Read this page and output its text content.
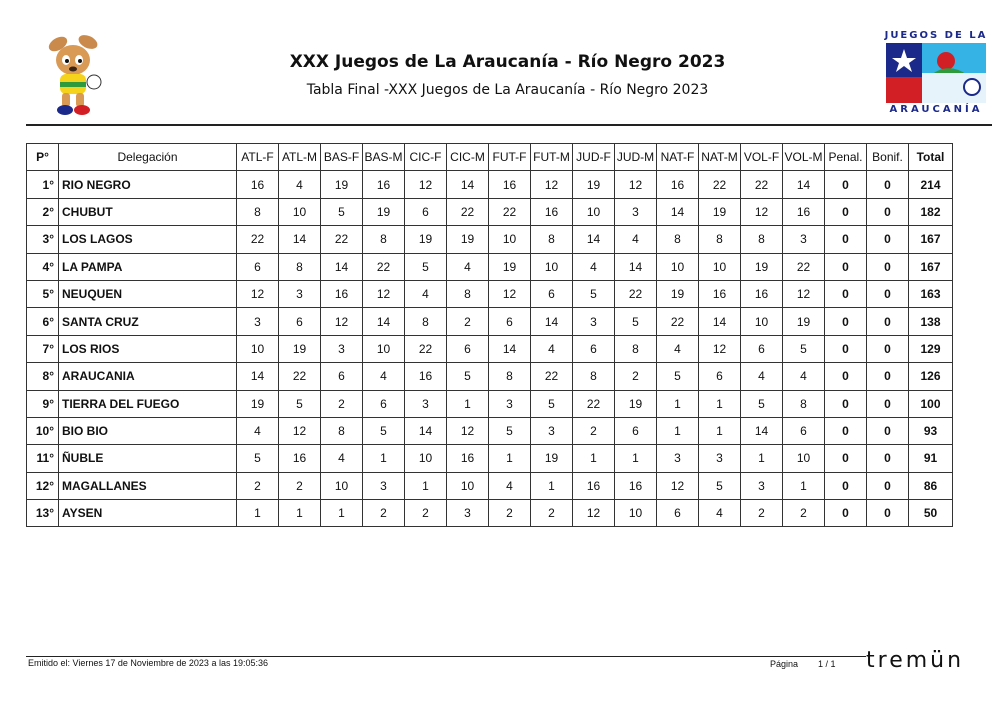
XXX Juegos de La Araucanía - Río Negro 2023
Tabla Final -XXX Juegos de La Araucanía - Río Negro 2023
JUEGOS DE LA
ARAUCANÍA
P°	Delegación	ATL-F	ATL-M	BAS-F	BAS-M	CIC-F	CIC-M	FUT-F	FUT-M	JUD-F	JUD-M	NAT-F	NAT-M	VOL-F	VOL-M	Penal.	Bonif.	Total
1°	RIO NEGRO	16	4	19	16	12	14	16	12	19	12	16	22	22	14	0	0	214
2°	CHUBUT	8	10	5	19	6	22	22	16	10	3	14	19	12	16	0	0	182
3°	LOS LAGOS	22	14	22	8	19	19	10	8	14	4	8	8	8	3	0	0	167
4°	LA PAMPA	6	8	14	22	5	4	19	10	4	14	10	10	19	22	0	0	167
5°	NEUQUEN	12	3	16	12	4	8	12	6	5	22	19	16	16	12	0	0	163
6°	SANTA CRUZ	3	6	12	14	8	2	6	14	3	5	22	14	10	19	0	0	138
7°	LOS RIOS	10	19	3	10	22	6	14	4	6	8	4	12	6	5	0	0	129
8°	ARAUCANIA	14	22	6	4	16	5	8	22	8	2	5	6	4	4	0	0	126
9°	TIERRA DEL FUEGO	19	5	2	6	3	1	3	5	22	19	1	1	5	8	0	0	100
10°	BIO BIO	4	12	8	5	14	12	5	3	2	6	1	1	14	6	0	0	93
11°	ÑUBLE	5	16	4	1	10	16	1	19	1	1	3	3	1	10	0	0	91
12°	MAGALLANES	2	2	10	3	1	10	4	1	16	16	12	5	3	1	0	0	86
13°	AYSEN	1	1	1	2	2	3	2	2	12	10	6	4	2	2	0	0	50
Emitido el: Viernes 17 de Noviembre de 2023 a las 19:05:36	Página 1 / 1 tremün
